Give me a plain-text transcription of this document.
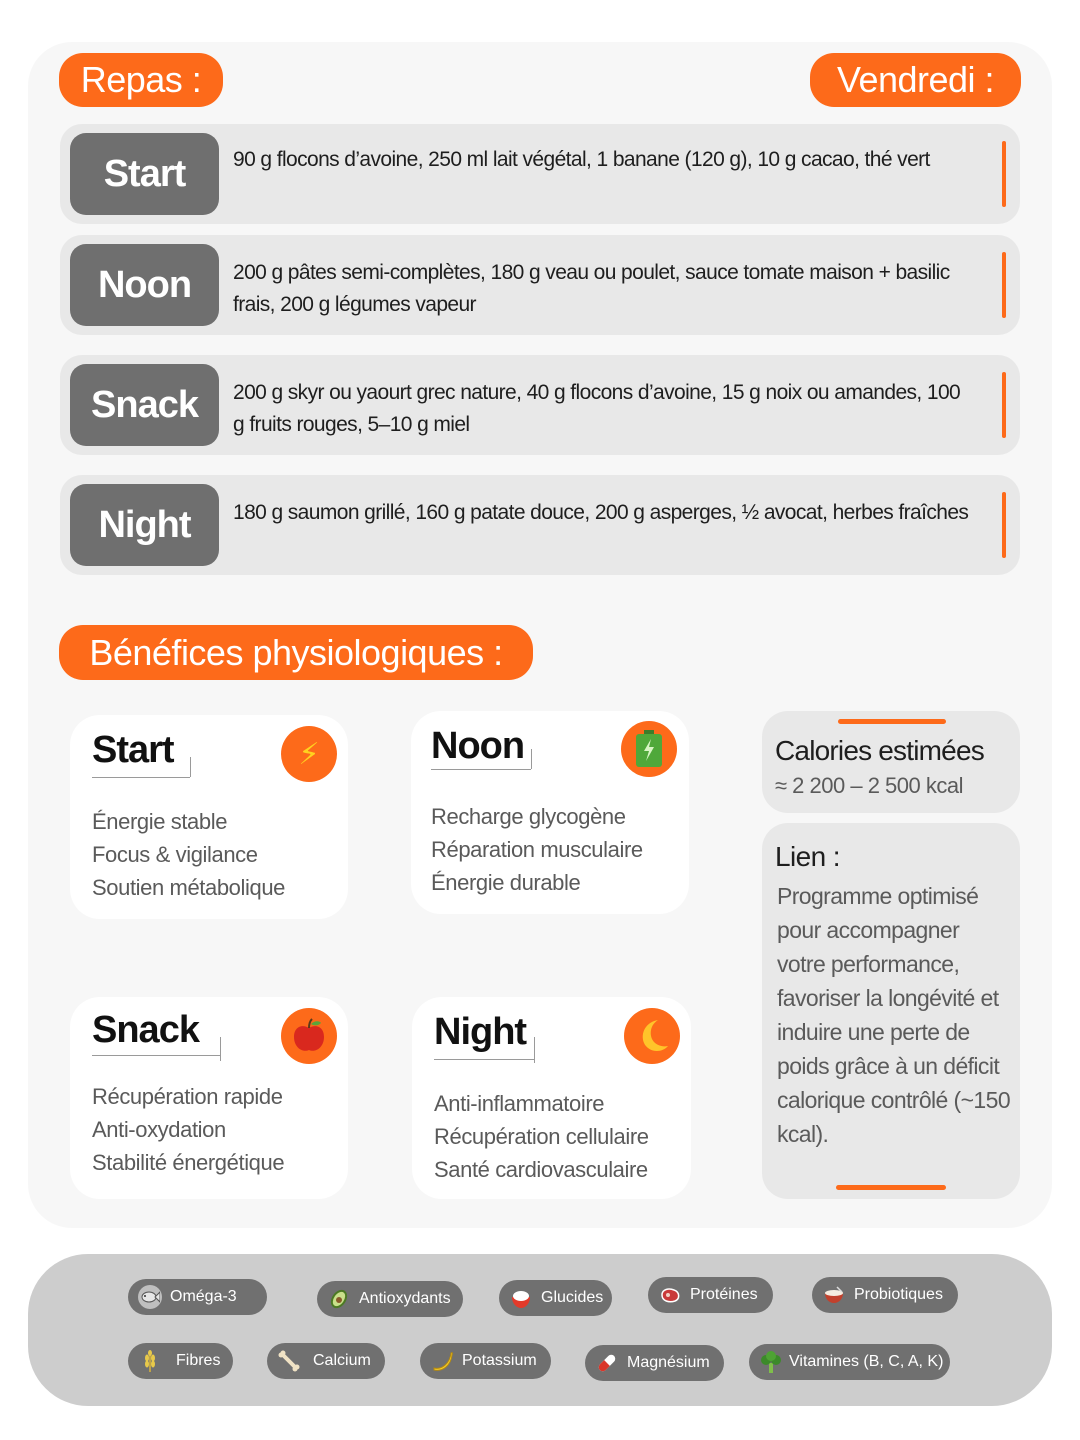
Repas :	Vendredi :
Start	90 g flocons d’avoine, 250 ml lait végétal, 1 banane (120 g), 10 g cacao, thé vert
Noon	200 g pâtes semi-complètes, 180 g veau ou poulet, sauce tomate maison + basilic frais, 200 g légumes vapeur
Snack	200 g skyr ou yaourt grec nature, 40 g flocons d’avoine, 15 g noix ou amandes, 100 g fruits rouges, 5–10 g miel
Night	180 g saumon grillé, 160 g patate douce, 200 g asperges, ½ avocat, herbes fraîches
Bénéfices physiologiques :
Start	⚡
Énergie stable
Focus & vigilance
Soutien métabolique
Noon
Recharge glycogène
Réparation musculaire
Énergie durable
Snack
Récupération rapide
Anti-oxydation
Stabilité énergétique
Night
Anti-inflammatoire
Récupération cellulaire
Santé cardiovasculaire
Calories estimées
≈ 2 200 – 2 500 kcal
Lien :
Programme optimisé pour accompagner votre performance, favoriser la longévité et induire une perte de poids grâce à un déficit calorique contrôlé (~150 kcal).
Oméga-3	Antioxydants	Glucides	Protéines	Probiotiques
Fibres	Calcium	Potassium	Magnésium	Vitamines (B, C, A, K)
